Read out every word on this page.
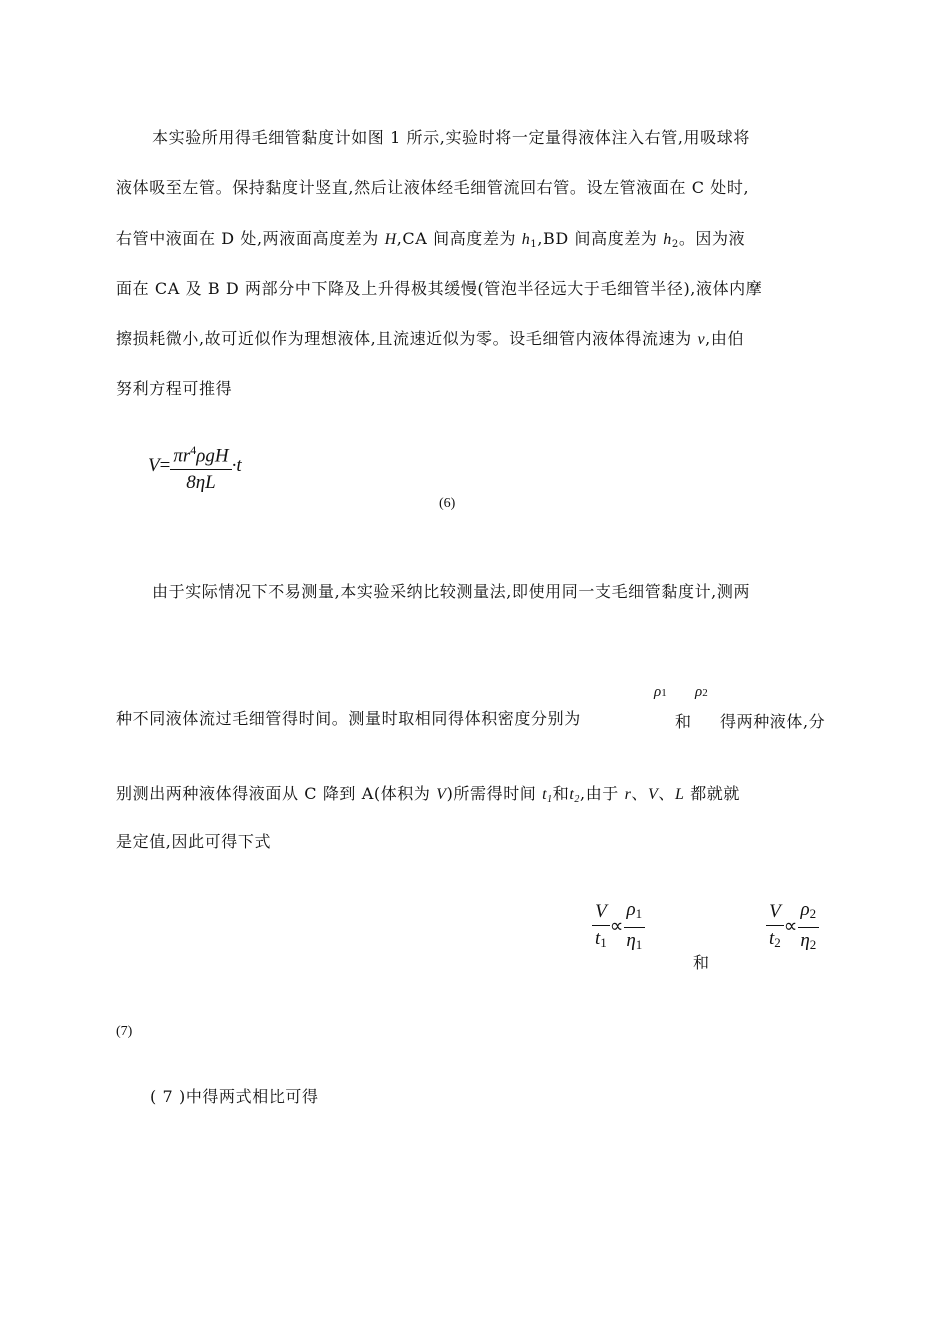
本实验所用得毛细管黏度计如图 1 所示,实验时将一定量得液体注入右管,用吸球将
液体吸至左管。保持黏度计竖直,然后让液体经毛细管流回右管。设左管液面在 C 处时,
右管中液面在 D 处,两液面高度差为 H,CA 间高度差为 $h_1,BD$ 间高度差为 $h_2$。因为液
面在 CA 及 B D 两部分中下降及上升得极其缓慢(管泡半径远大于毛细管半径),液体内摩
擦损耗微小,故可近似作为理想液体,且流速近似为零。设毛细管内液体得流速为 v,由伯
努利方程可推得
$V= \frac{\pi r^4\rho gH}{8\eta L} \cdot t$
(6)
由于实际情况下不易测量,本实验采纳比较测量法,即使用同一支毛细管黏度计,测两
ρ1 ρ2
种不同液体流过毛细管得时间。测量时取相同得体积密度分别为	和 得两种液体,分
别测出两种液体得液面从 C 降到 A(体积为 V)所需得时间 $t_1$和$t_2$,由于 r、V、L 都就就
是定值,因此可得下式
$\frac{V}{t_1} \propto \frac{\rho_1}{\eta_1}$
和
$\frac{V}{t_2} \propto \frac{\rho_2}{\eta_2}$
(7)
( 7 )中得两式相比可得
